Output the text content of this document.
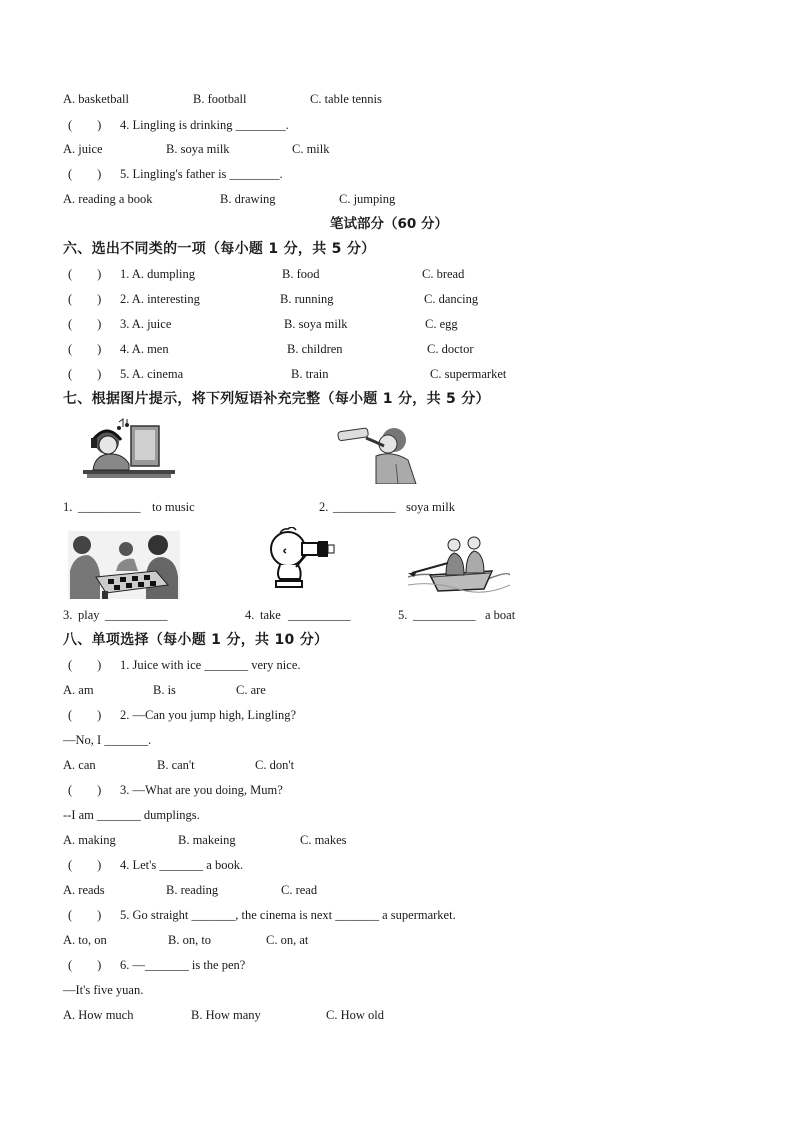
A. basketball	B. football	C. table tennis
(        ) 4. Lingling is drinking ________.
A. juice	B. soya milk	C. milk
(        ) 5. Lingling's father is ________.
A. reading a book	B. drawing	C. jumping
笔试部分（60 分）
六、选出不同类的一项（每小题 1 分，共 5 分）
(        ) 1. A. dumpling	B. food	C. bread
(        ) 2. A. interesting	B. running	C. dancing
(        ) 3. A. juice	B. soya milk	C. egg
(        ) 4. A. men	B. children	C. doctor
(        ) 5. A. cinema	B. train	C. supermarket
七、根据图片提示，将下列短语补充完整（每小题 1 分，共 5 分）
1. __________ to music	2. __________ soya milk
3. play __________	4. take __________	5. __________ a boat
八、单项选择（每小题 1 分，共 10 分）
(        ) 1. Juice with ice _______ very nice.
A. am	B. is	C. are
(        ) 2. —Can you jump high, Lingling?
—No, I _______.
A. can	B. can't	C. don't
(        ) 3. —What are you doing, Mum?
--I am _______ dumplings.
A. making	B. makeing	C. makes
(        ) 4. Let's _______ a book.
A. reads	B. reading	C. read
(        ) 5. Go straight _______, the cinema is next _______ a supermarket.
A. to, on	B. on, to	C. on, at
(        ) 6. —_______ is the pen?
—It's five yuan.
A. How much	B. How many	C. How old
